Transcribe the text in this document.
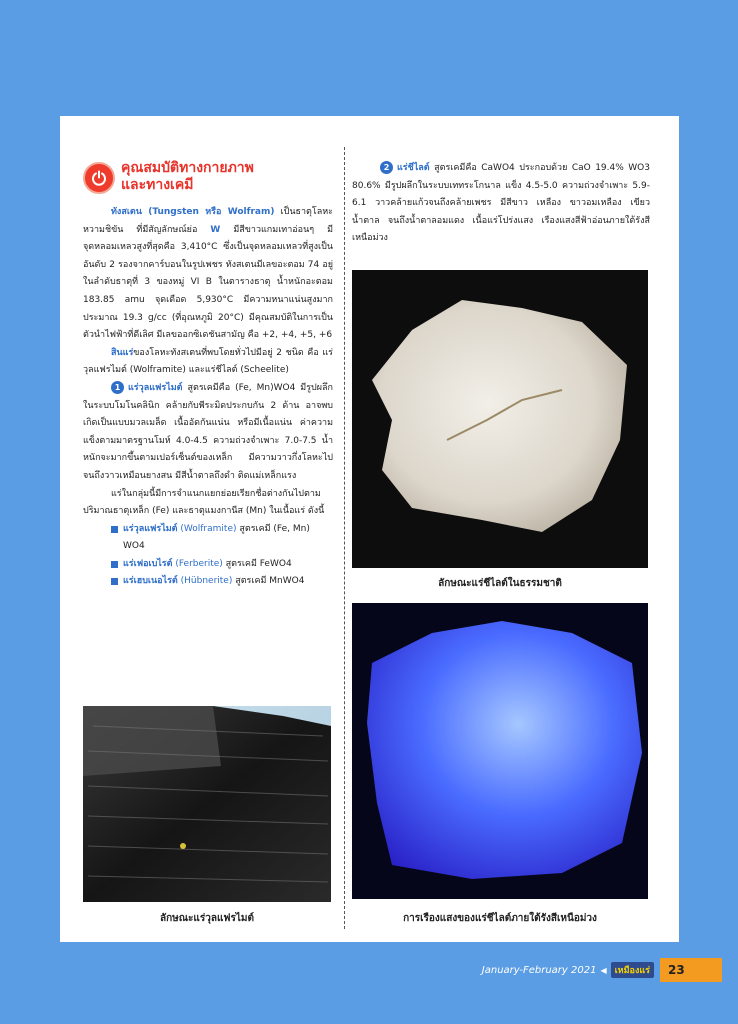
คุณสมบัติทางกายภาพ
และทางเคมี

ทังสเตน (Tungsten หรือ Wolfram) เป็นธาตุโลหะหวามชิขัน ที่มีสัญลักษณ์ย่อ W มีสีขาวแกมเทาอ่อนๆ มีจุดหลอมเหลวสูงที่สุดคือ 3,410°C ซึ่งเป็นจุดหลอมเหลวที่สูงเป็นอันดับ 2 รองจากคาร์บอนในรูปเพชร ทังสเตนมีเลขอะตอม 74 อยู่ในลำดับธาตุที่ 3 ของหมู่ VI B ในตารางธาตุ น้ำหนักอะตอม 183.85 amu จุดเดือด 5,930°C มีความหนาแน่นสูงมากประมาณ 19.3 g/cc (ที่อุณหภูมิ 20°C) มีคุณสมบัติในการเป็นตัวนำไฟฟ้าที่ดีเลิศ มีเลขออกซิเดชันสามัญ คือ +2, +4, +5, +6

สินแร่ของโลหะทังสเตนที่พบโดยทั่วไปมีอยู่ 2 ชนิด คือ แร่วุลแฟรไมต์ (Wolframite) และแร่ชีไลต์ (Scheelite)

1 แร่วุลแฟรไมต์ สูตรเคมีคือ (Fe, Mn)WO4 มีรูปผลึกในระบบโมโนคลินิก คล้ายกับพีระมิดประกบกัน 2 ด้าน อาจพบเกิดเป็นแบบมวลเมล็ด เนื้ออัดกันแน่น หรือมีเนื้อแน่น ค่าความแข็งตามมาตรฐานโมห์ 4.0-4.5 ความถ่วงจำเพาะ 7.0-7.5 น้ำหนักจะมากขึ้นตามเปอร์เซ็นต์ของเหล็ก มีความวาวกึ่งโลหะไปจนถึงวาวเหมือนยางสน มีสีน้ำตาลถึงดำ ติดแม่เหล็กแรง

แร่ในกลุ่มนี้มีการจำแนกแยกย่อยเรียกชื่อต่างกันไปตามปริมาณธาตุเหล็ก (Fe) และธาตุแมงกานีส (Mn) ในเนื้อแร่ ดังนี้

แร่วุลแฟรไมต์ (Wolframite) สูตรเคมี (Fe, Mn)
WO4
แร่เฟอเบไรต์ (Ferberite) สูตรเคมี FeWO4
แร่เฮบเนอไรต์ (Hübnerite) สูตรเคมี MnWO4

2 แร่ชีไลต์ สูตรเคมีคือ CaWO4 ประกอบด้วย CaO 19.4% WO3 80.6% มีรูปผลึกในระบบเททระโกนาล แข็ง 4.5-5.0 ความถ่วงจำเพาะ 5.9-6.1 วาวคล้ายแก้วจนถึงคล้ายเพชร มีสีขาว เหลือง ขาวอมเหลือง เขียว น้ำตาล จนถึงน้ำตาลอมแดง เนื้อแร่โปร่งแสง เรืองแสงสีฟ้าอ่อนภายใต้รังสีเหนือม่วง

ลักษณะแร่วุลแฟรไมต์
ลักษณะแร่ชีไลต์ในธรรมชาติ
การเรืองแสงของแร่ชีไลต์ภายใต้รังสีเหนือม่วง
January-February 2021 ◀ เหมืองแร่	23
